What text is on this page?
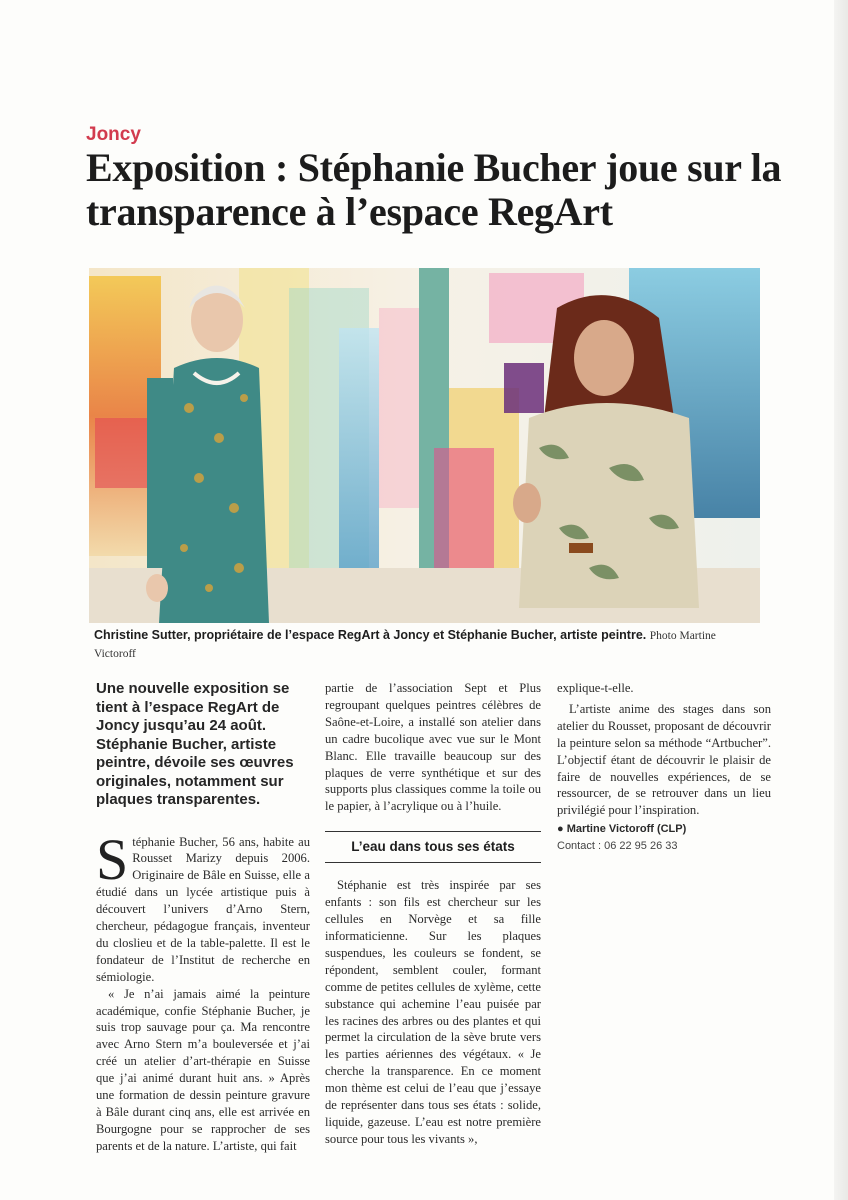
Joncy
Exposition : Stéphanie Bucher joue sur la transparence à l’espace RegArt
Christine Sutter, propriétaire de l’espace RegArt à Joncy et Stéphanie Bucher, artiste peintre. Photo Martine Victoroff
Une nouvelle exposition se tient à l’espace RegArt de Joncy jusqu’au 24 août. Stéphanie Bucher, artiste peintre, dévoile ses œuvres originales, notamment sur plaques transparentes.

Stéphanie Bucher, 56 ans, habite au Rousset Marizy depuis 2006. Originaire de Bâle en Suisse, elle a étudié dans un lycée artistique puis à découvert l’univers d’Arno Stern, chercheur, pédagogue français, inventeur du closlieu et de la table-palette. Il est le fondateur de l’Institut de recherche en sémiologie.

« Je n’ai jamais aimé la peinture académique, confie Stéphanie Bucher, je suis trop sauvage pour ça. Ma rencontre avec Arno Stern m’a bouleversée et j’ai créé un atelier d’art-thérapie en Suisse que j’ai animé durant huit ans. » Après une formation de dessin peinture gravure à Bâle durant cinq ans, elle est arrivée en Bourgogne pour se rapprocher de ses parents et de la nature. L’artiste, qui fait

partie de l’association Sept et Plus regroupant quelques peintres célèbres de Saône-et-Loire, a installé son atelier dans un cadre bucolique avec vue sur le Mont Blanc. Elle travaille beaucoup sur des plaques de verre synthétique et sur des supports plus classiques comme la toile ou le papier, à l’acrylique ou à l’huile.

L’eau dans tous ses états

Stéphanie est très inspirée par ses enfants : son fils est chercheur sur les cellules en Norvège et sa fille informaticienne. Sur les plaques suspendues, les couleurs se fondent, se répondent, semblent couler, formant comme de petites cellules de xylème, cette substance qui achemine l’eau puisée par les racines des arbres ou des plantes et qui permet la circulation de la sève brute vers les parties aériennes des végétaux. « Je cherche la transparence. En ce moment mon thème est celui de l’eau que j’essaye de représenter dans tous ses états : solide, liquide, gazeuse. L’eau est notre première source pour tous les vivants »,

explique-t-elle.

L’artiste anime des stages dans son atelier du Rousset, proposant de découvrir la peinture selon sa méthode “Artbucher”. L’objectif étant de découvrir le plaisir de faire de nouvelles expériences, de se ressourcer, de se retrouver dans un lieu privilégié pour l’inspiration.

● Martine Victoroff (CLP)
Contact : 06 22 95 26 33
